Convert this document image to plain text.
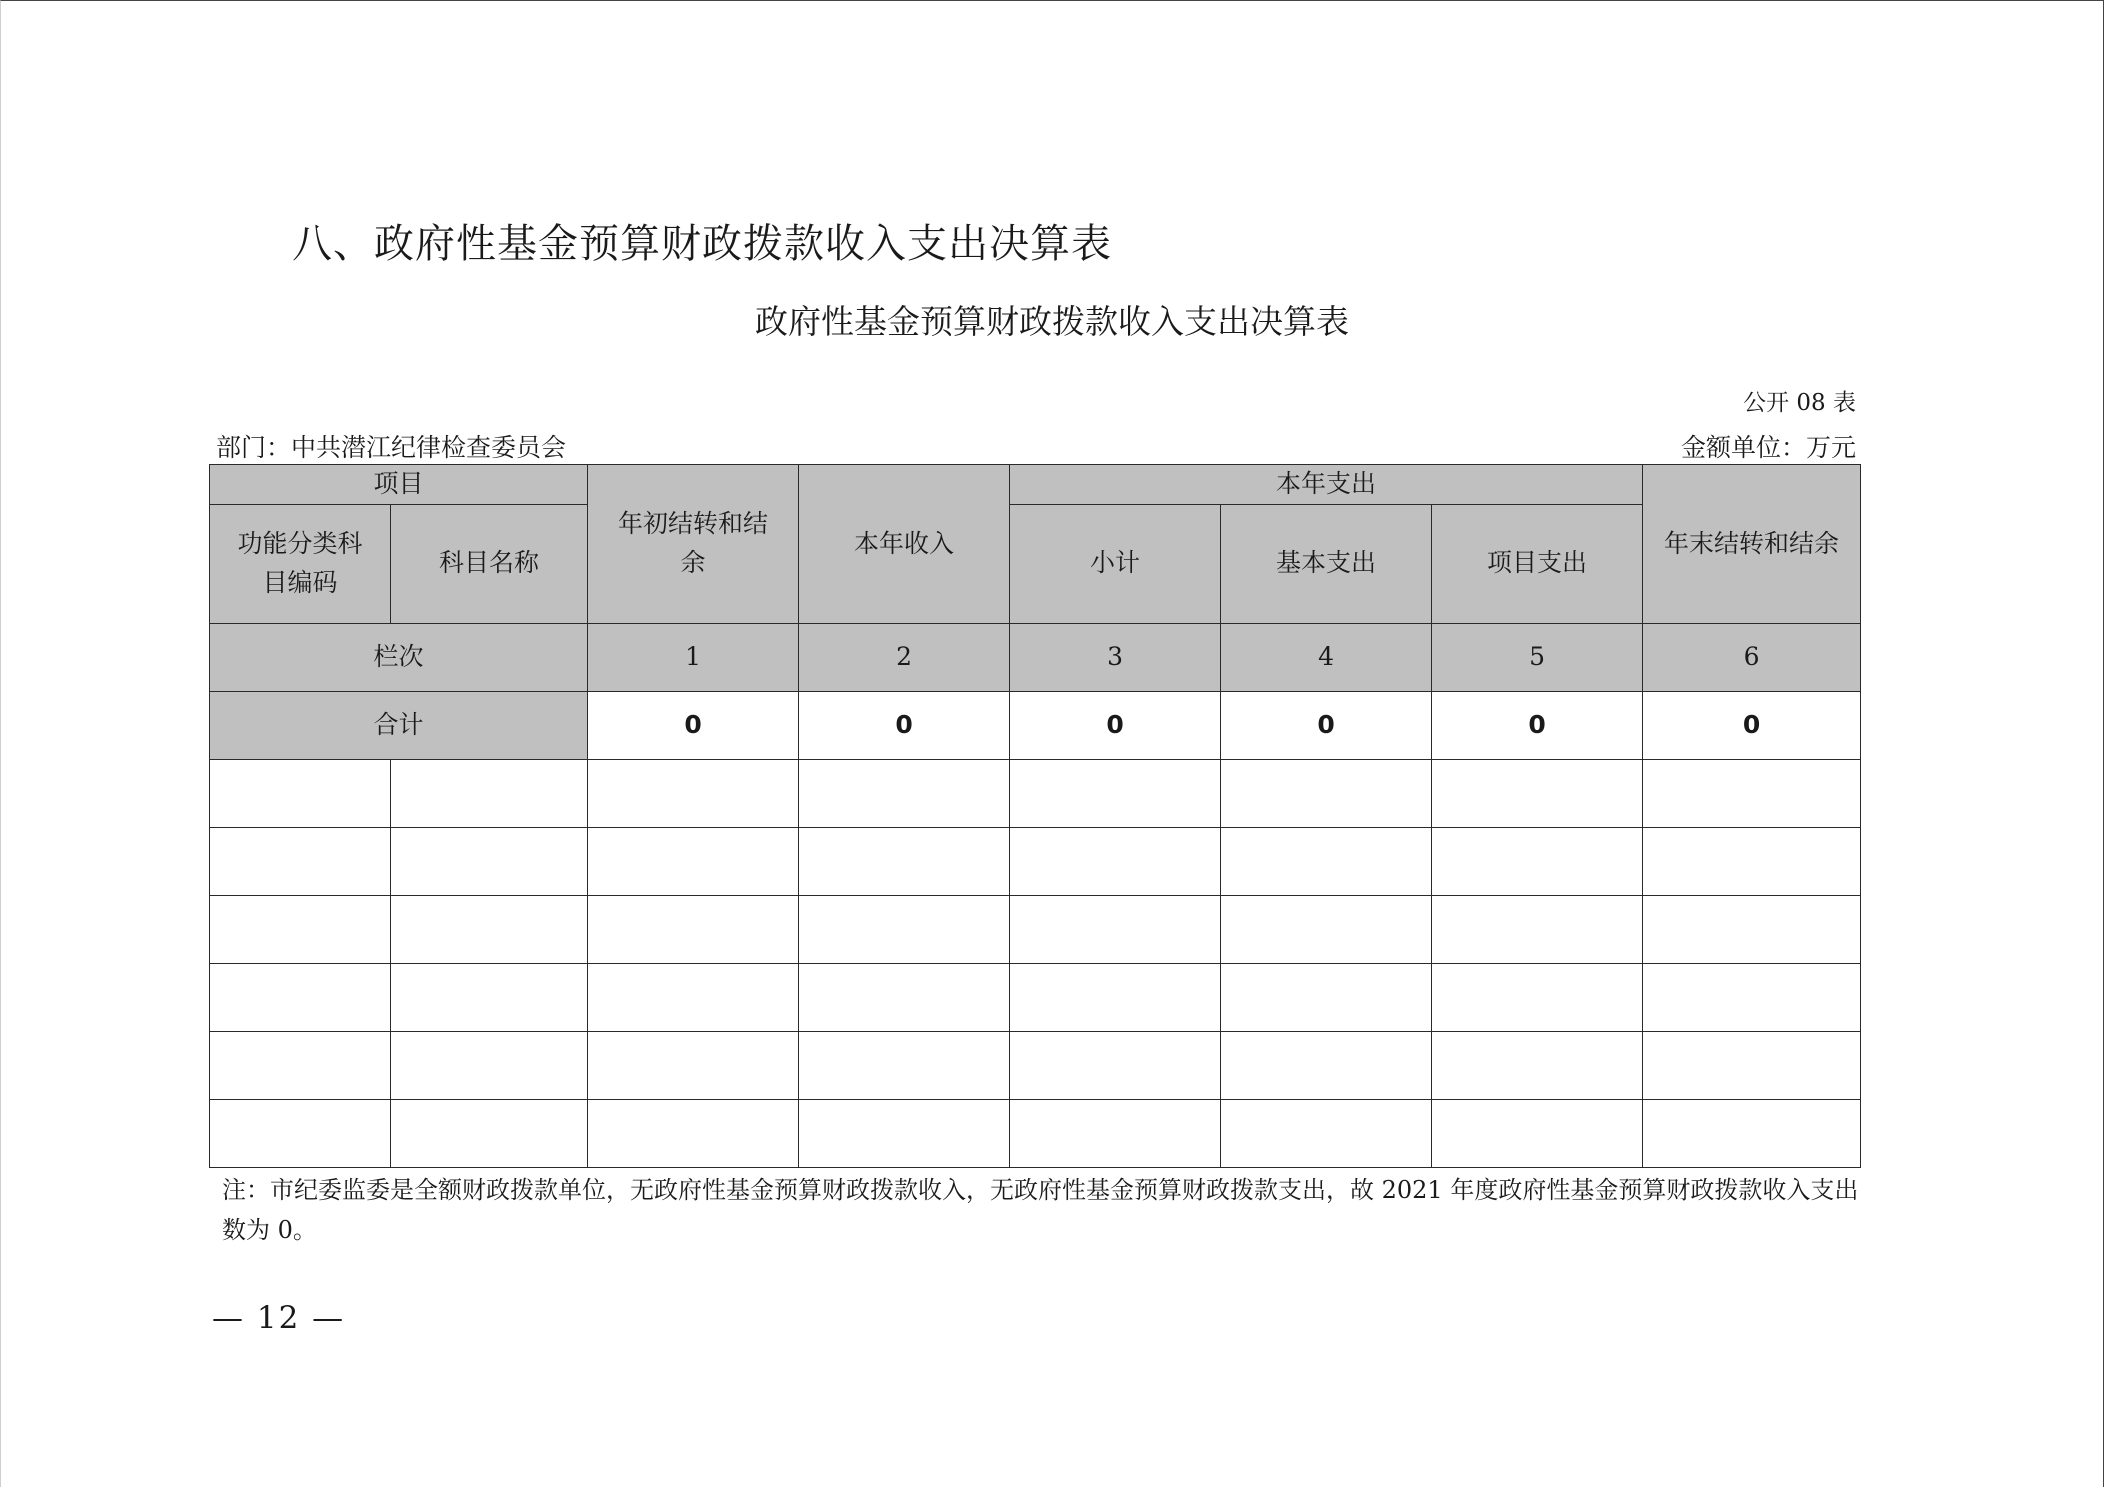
八、政府性基金预算财政拨款收入支出决算表
政府性基金预算财政拨款收入支出决算表
公开 08 表
部门：中共潜江纪律检查委员会	金额单位：万元
项目		年初结转和结余	本年收入	本年支出			年末结转和结余
功能分类科目编码	科目名称			小计	基本支出	项目支出	
栏次		1	2	3	4	5	6
合计		0	0	0	0	0	0

注：市纪委监委是全额财政拨款单位，无政府性基金预算财政拨款收入，无政府性基金预算财政拨款支出，故 2021 年度政府性基金预算财政拨款收入支出数为 0。
— 12 —
